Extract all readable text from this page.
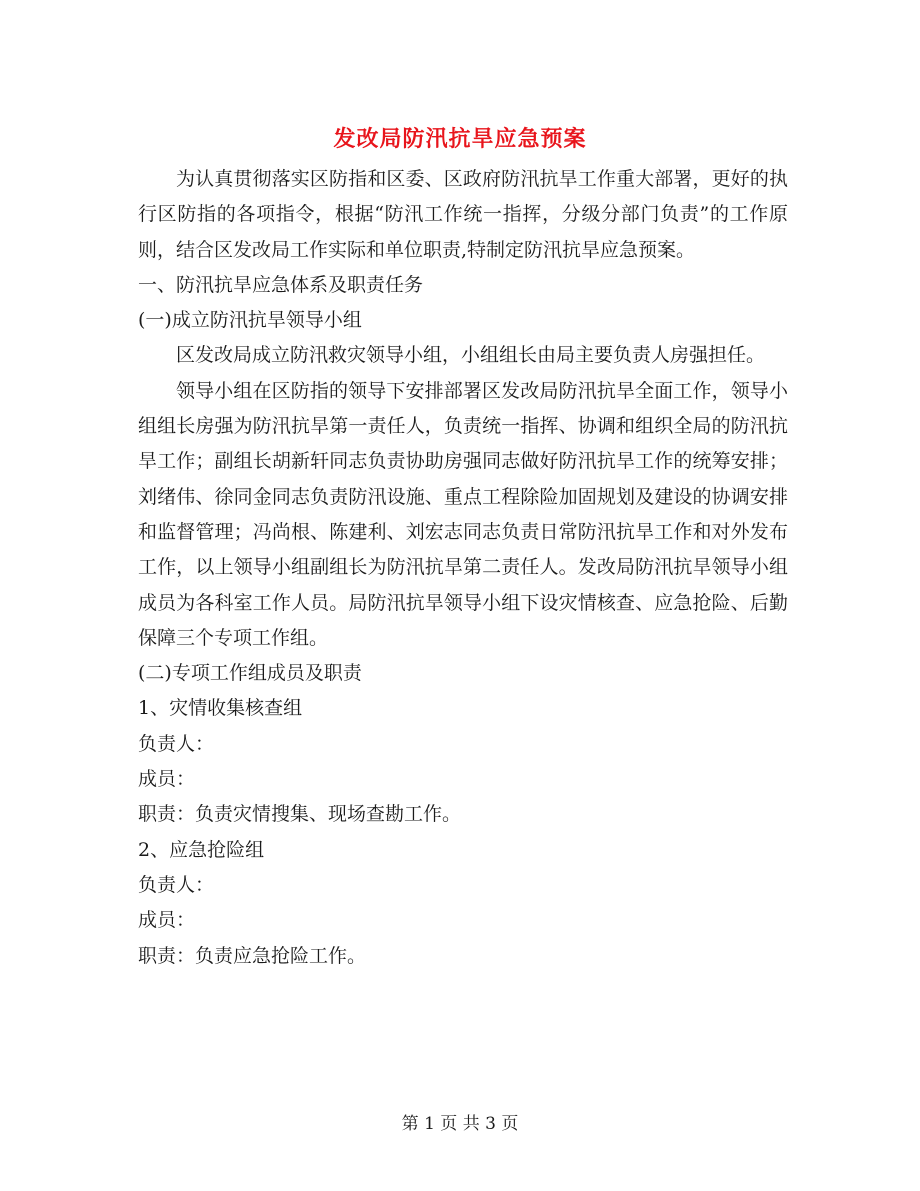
发改局防汛抗旱应急预案

为认真贯彻落实区防指和区委、区政府防汛抗旱工作重大部署，更好的执行区防指的各项指令，根据“防汛工作统一指挥，分级分部门负责”的工作原则，结合区发改局工作实际和单位职责,特制定防汛抗旱应急预案。

一、防汛抗旱应急体系及职责任务

(一)成立防汛抗旱领导小组

区发改局成立防汛救灾领导小组，小组组长由局主要负责人房强担任。

领导小组在区防指的领导下安排部署区发改局防汛抗旱全面工作，领导小组组长房强为防汛抗旱第一责任人，负责统一指挥、协调和组织全局的防汛抗旱工作；副组长胡新轩同志负责协助房强同志做好防汛抗旱工作的统筹安排；刘绪伟、徐同金同志负责防汛设施、重点工程除险加固规划及建设的协调安排和监督管理；冯尚根、陈建利、刘宏志同志负责日常防汛抗旱工作和对外发布工作，以上领导小组副组长为防汛抗旱第二责任人。发改局防汛抗旱领导小组成员为各科室工作人员。局防汛抗旱领导小组下设灾情核查、应急抢险、后勤保障三个专项工作组。

(二)专项工作组成员及职责

1、灾情收集核查组

负责人：

成员：

职责：负责灾情搜集、现场查勘工作。

2、应急抢险组

负责人：

成员：

职责：负责应急抢险工作。

第 1 页 共 3 页
